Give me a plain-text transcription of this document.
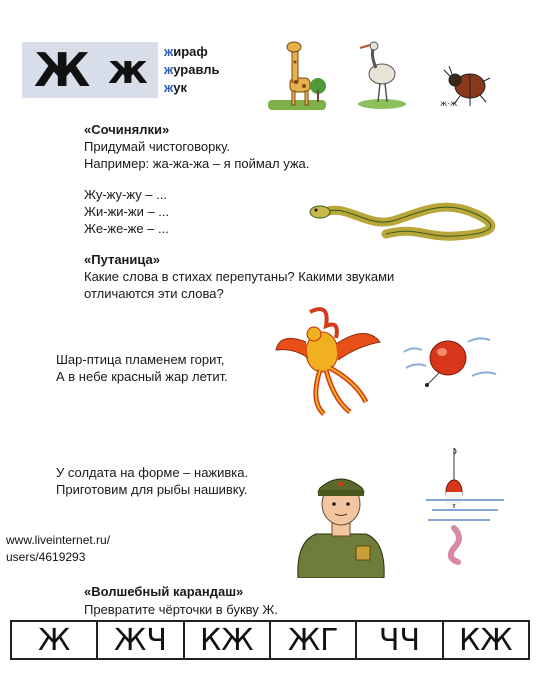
Ж ж жираф
журавль
жук
ж-ж
«Сочинялки»
Придумай чистоговорку.
Например: жа-жа-жа – я поймал ужа.
Жу-жу-жу – ...
Жи-жи-жи – ...
Же-же-же – ...
«Путаница»
Какие слова в стихах перепутаны? Какими звуками
отличаются эти слова?
Шар-птица пламенем горит,
А в небе красный жар летит.
У солдата на форме – наживка.
Приготовим для рыбы нашивку.
www.liveinternet.ru/
users/4619293
«Волшебный карандаш»
Превратите чёрточки в букву Ж.
Ж	ЖЧ	КЖ	ЖГ	ЧЧ	КЖ
